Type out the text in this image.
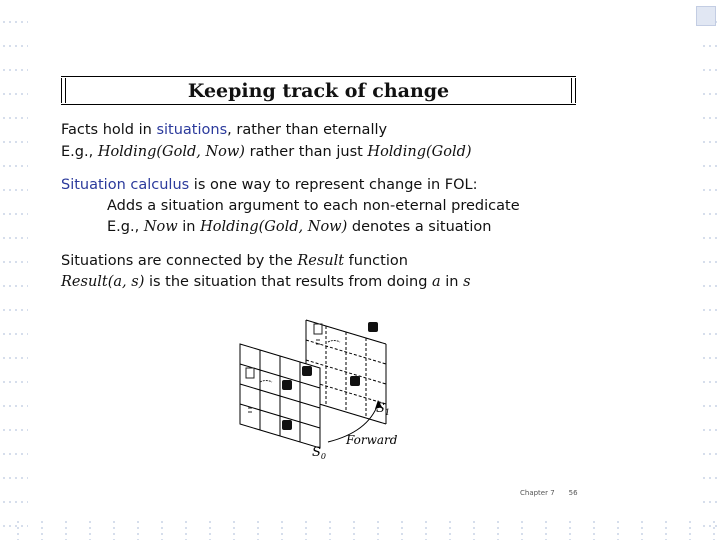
Keeping track of change
Facts hold in situations, rather than eternally
E.g., Holding(Gold, Now) rather than just Holding(Gold)
Situation calculus is one way to represent change in FOL:
Adds a situation argument to each non-eternal predicate
E.g., Now in Holding(Gold, Now) denotes a situation
Situations are connected by the Result function
Result(a, s) is the situation that results from doing a in s
$S_1$
$S_0$
Forward
Chapter 7 56
